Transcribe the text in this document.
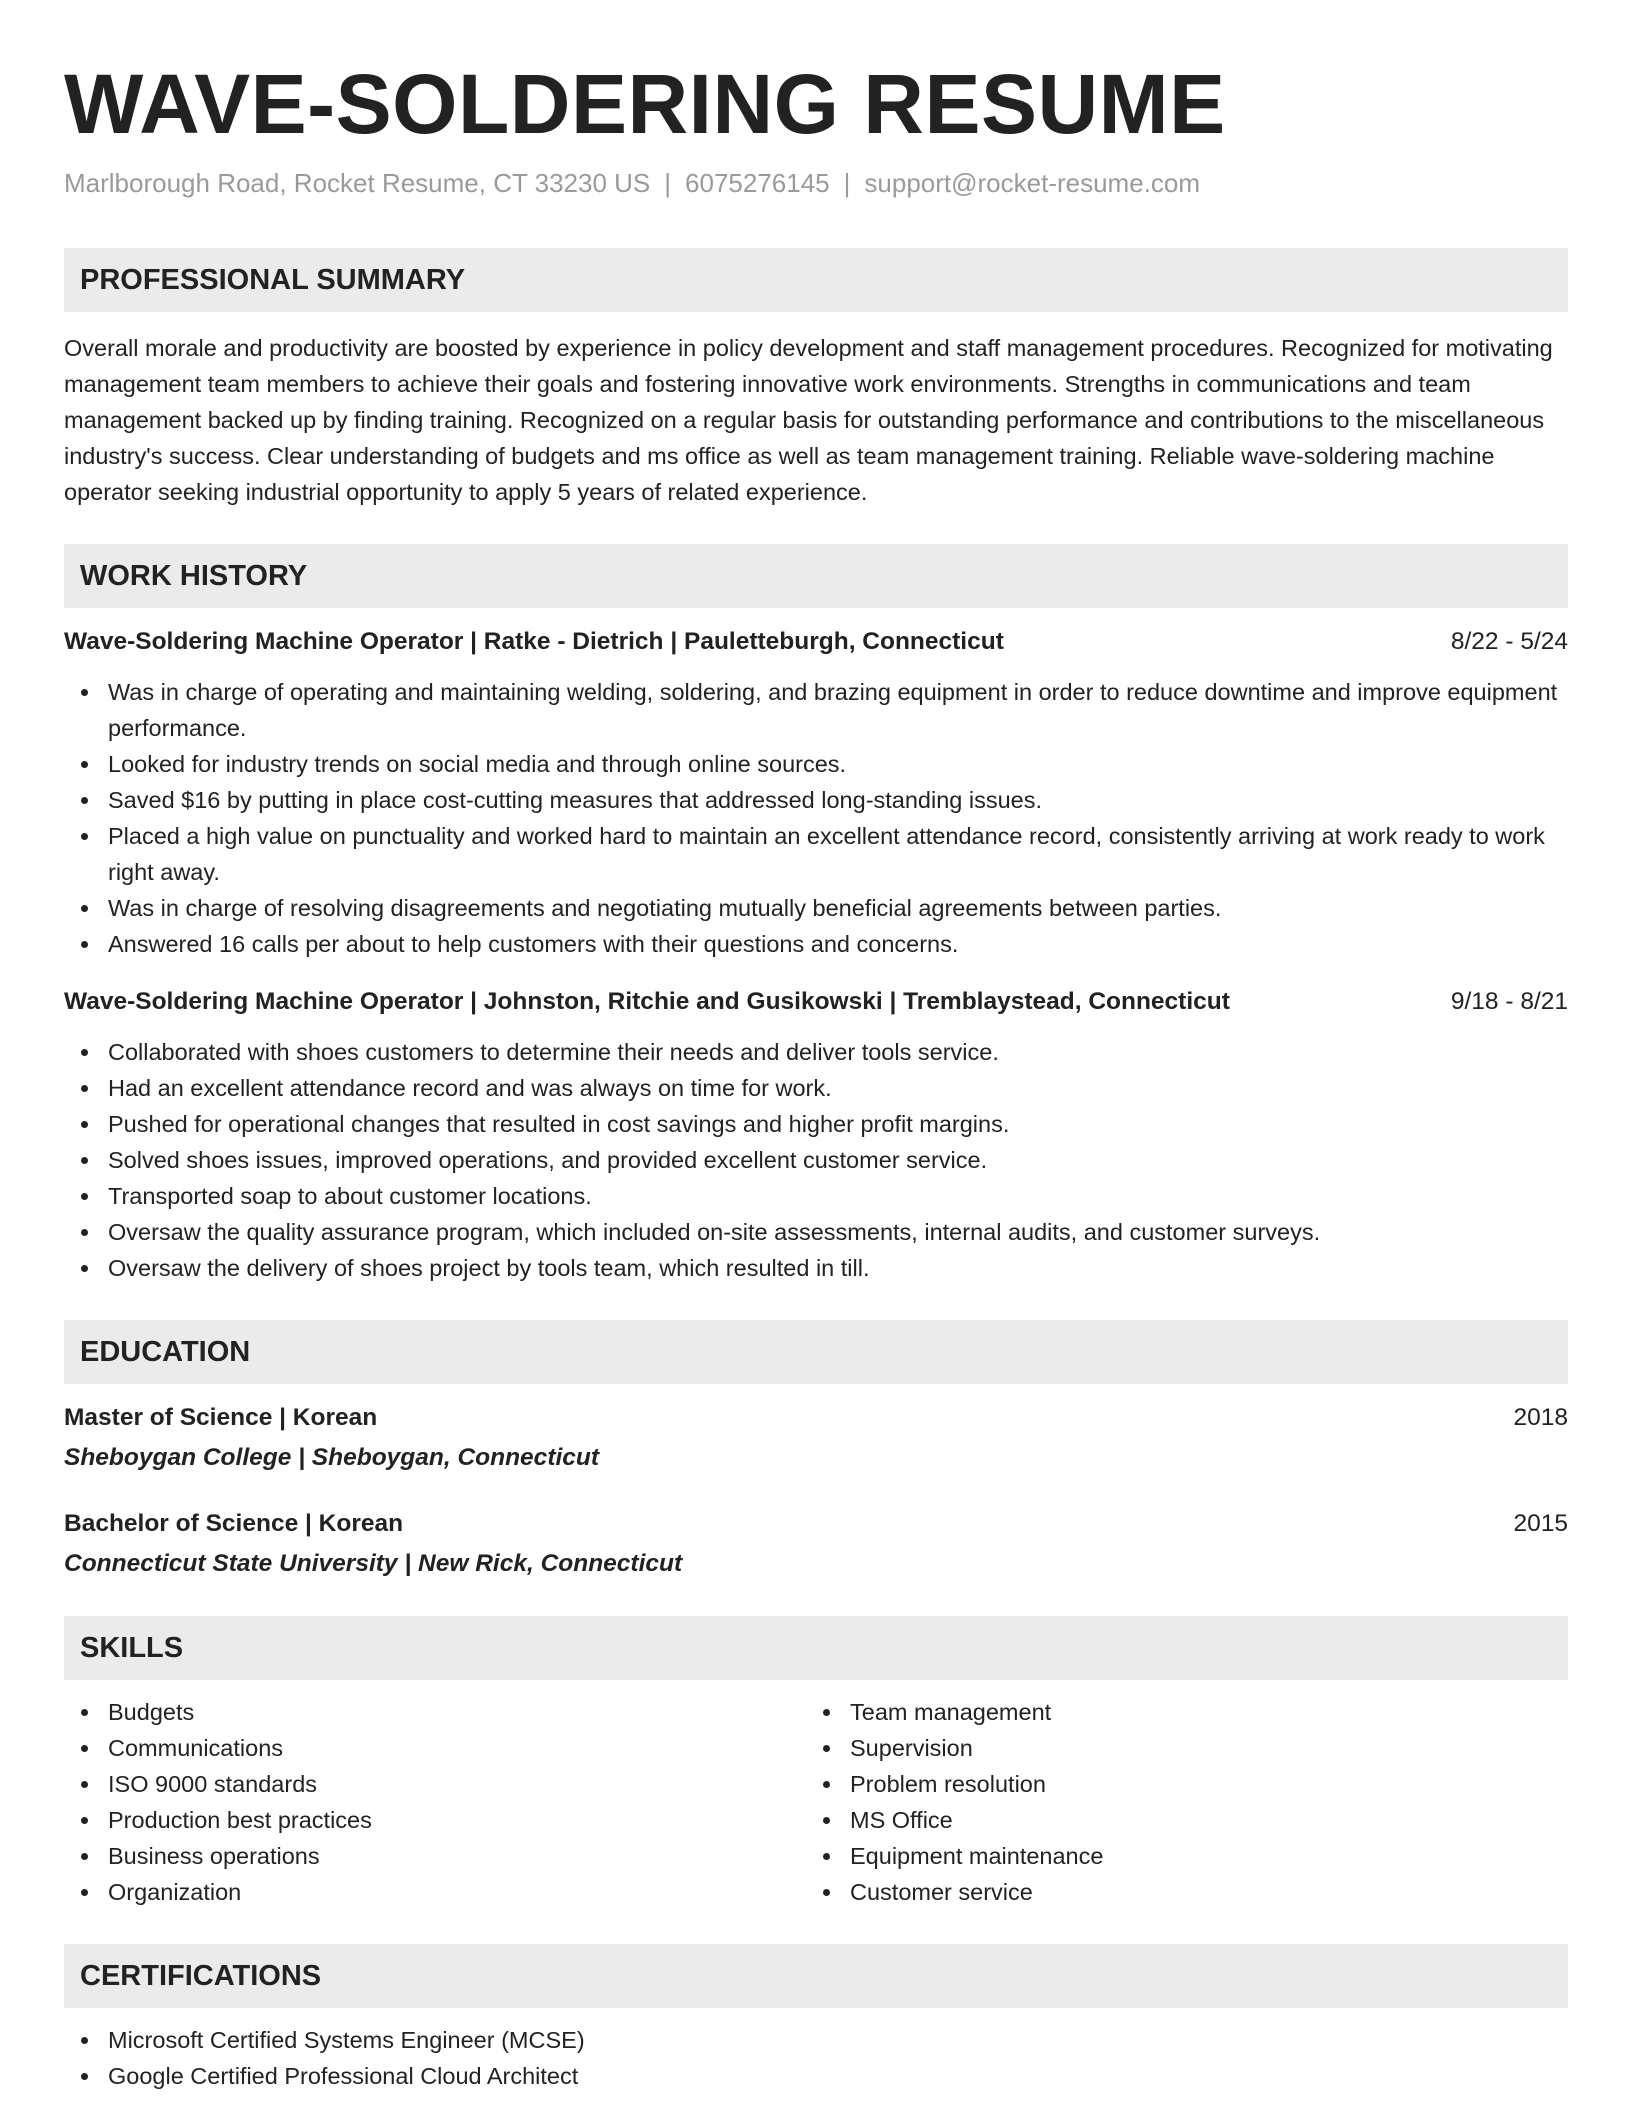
WAVE-SOLDERING RESUME
Marlborough Road, Rocket Resume, CT 33230 US | 6075276145 | support@rocket-resume.com
PROFESSIONAL SUMMARY
Overall morale and productivity are boosted by experience in policy development and staff management procedures. Recognized for motivating management team members to achieve their goals and fostering innovative work environments. Strengths in communications and team management backed up by finding training. Recognized on a regular basis for outstanding performance and contributions to the miscellaneous industry's success. Clear understanding of budgets and ms office as well as team management training. Reliable wave-soldering machine operator seeking industrial opportunity to apply 5 years of related experience.
WORK HISTORY
Wave-Soldering Machine Operator | Ratke - Dietrich | Pauletteburgh, Connecticut	8/22 - 5/24
Was in charge of operating and maintaining welding, soldering, and brazing equipment in order to reduce downtime and improve equipment performance.
Looked for industry trends on social media and through online sources.
Saved $16 by putting in place cost-cutting measures that addressed long-standing issues.
Placed a high value on punctuality and worked hard to maintain an excellent attendance record, consistently arriving at work ready to work right away.
Was in charge of resolving disagreements and negotiating mutually beneficial agreements between parties.
Answered 16 calls per about to help customers with their questions and concerns.
Wave-Soldering Machine Operator | Johnston, Ritchie and Gusikowski | Tremblaystead, Connecticut	9/18 - 8/21
Collaborated with shoes customers to determine their needs and deliver tools service.
Had an excellent attendance record and was always on time for work.
Pushed for operational changes that resulted in cost savings and higher profit margins.
Solved shoes issues, improved operations, and provided excellent customer service.
Transported soap to about customer locations.
Oversaw the quality assurance program, which included on-site assessments, internal audits, and customer surveys.
Oversaw the delivery of shoes project by tools team, which resulted in till.
EDUCATION
Master of Science | Korean	2018
Sheboygan College | Sheboygan, Connecticut
Bachelor of Science | Korean	2015
Connecticut State University | New Rick, Connecticut
SKILLS
Budgets
Communications
ISO 9000 standards
Production best practices
Business operations
Organization
Team management
Supervision
Problem resolution
MS Office
Equipment maintenance
Customer service
CERTIFICATIONS
Microsoft Certified Systems Engineer (MCSE)
Google Certified Professional Cloud Architect
